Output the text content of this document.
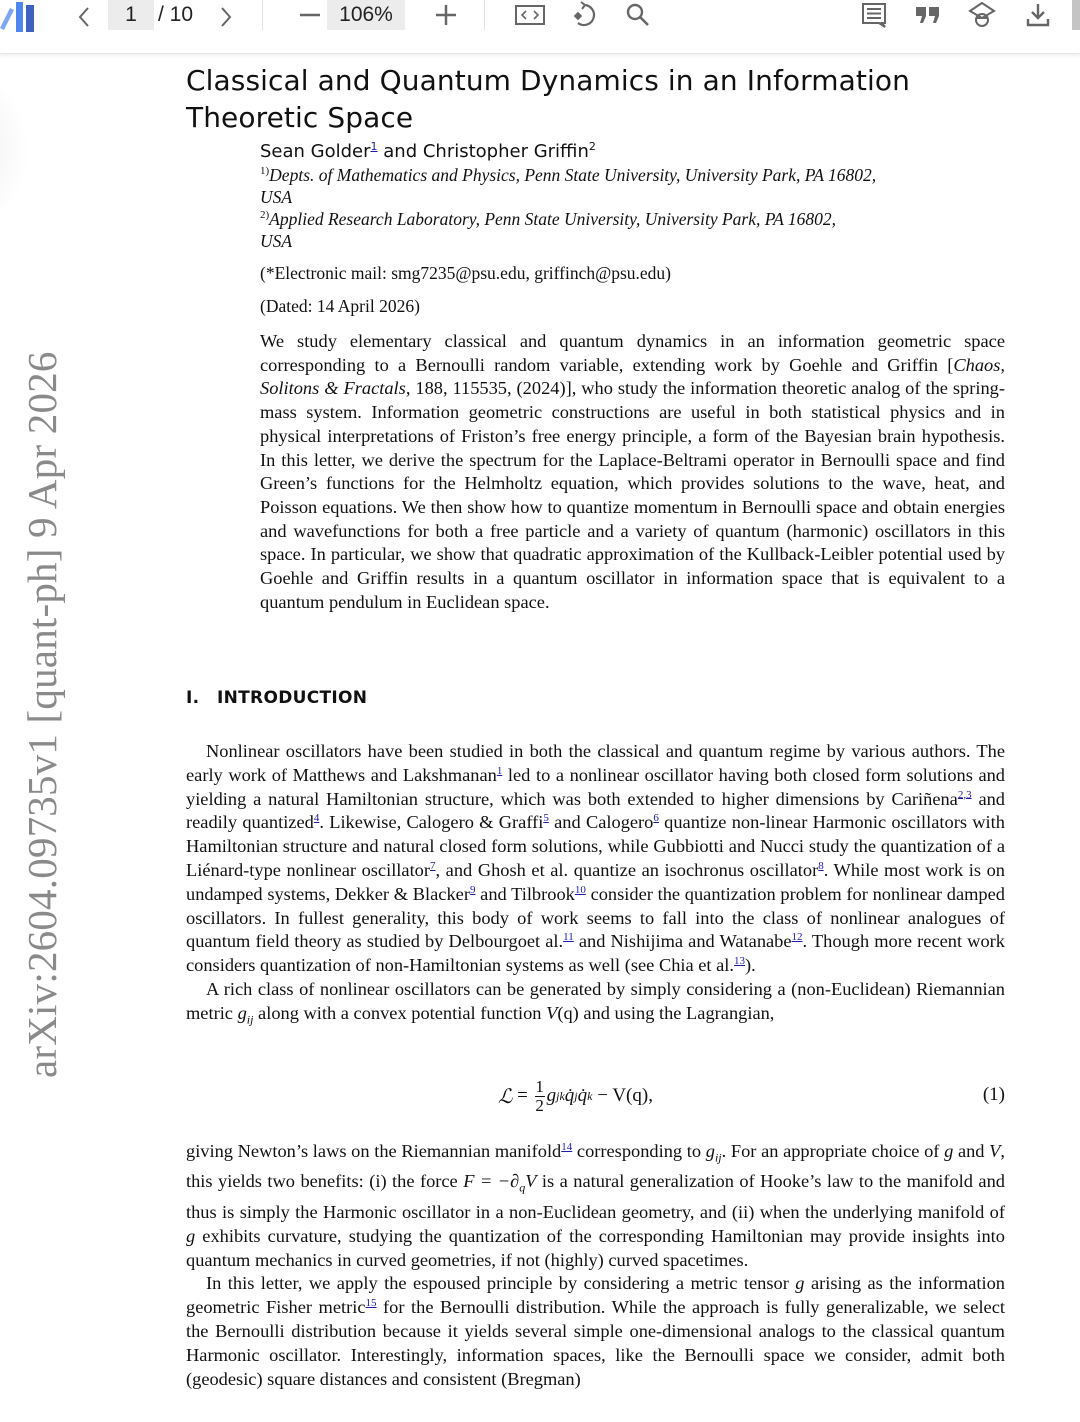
1	/ 10	106%
arXiv:2604.09735v1 [quant-ph] 9 Apr 2026
Classical and Quantum Dynamics in an Information
Theoretic Space
Sean Golder$^1$ and Christopher Griffin$^2$
$^{1)}$Depts. of Mathematics and Physics, Penn State University, University Park, PA 16802,
USA
$^{2)}$Applied Research Laboratory, Penn State University, University Park, PA 16802,
USA
(*Electronic mail: smg7235@psu.edu, griffinch@psu.edu)
(Dated: 14 April 2026)
We study elementary classical and quantum dynamics in an information geometric space corresponding to a Bernoulli random variable, extending work by Goehle and Griffin [Chaos, Solitons & Fractals, 188, 115535, (2024)], who study the information theoretic analog of the spring-mass system. Information geometric constructions are useful in both statistical physics and in physical interpretations of Friston’s free energy principle, a form of the Bayesian brain hypothesis. In this letter, we derive the spectrum for the Laplace-Beltrami operator in Bernoulli space and find Green’s functions for the Helmholtz equation, which provides solutions to the wave, heat, and Poisson equations. We then show how to quantize momentum in Bernoulli space and obtain energies and wavefunctions for both a free particle and a variety of quantum (harmonic) oscillators in this space. In particular, we show that quadratic approximation of the Kullback-Leibler potential used by Goehle and Griffin results in a quantum oscillator in information space that is equivalent to a quantum pendulum in Euclidean space.
I. INTRODUCTION

Nonlinear oscillators have been studied in both the classical and quantum regime by various authors. The early work of Matthews and Lakshmanan$^1$ led to a nonlinear oscillator having both closed form solutions and yielding a natural Hamiltonian structure, which was both extended to higher dimensions by Cariñena$^{2,3}$ and readily quantized$^4$. Likewise, Calogero & Graffi$^5$ and Calogero$^6$ quantize non-linear Harmonic oscillators with Hamiltonian structure and natural closed form solutions, while Gubbiotti and Nucci study the quantization of a Liénard-type nonlinear oscillator$^7$, and Ghosh et al. quantize an isochronus oscillator$^8$. While most work is on undamped systems, Dekker & Blacker$^9$ and Tilbrook$^{10}$ consider the quantization problem for nonlinear damped oscillators. In fullest generality, this body of work seems to fall into the class of nonlinear analogues of quantum field theory as studied by Delbourgoet al.$^{11}$ and Nishijima and Watanabe$^{12}$. Though more recent work considers quantization of non-Hamiltonian systems as well (see Chia et al.$^{13}$).

A rich class of nonlinear oscillators can be generated by simply considering a (non-Euclidean) Riemannian metric $g_{ij}$ along with a convex potential function V(q) and using the Lagrangian,

ℒ = $\frac{1}{2}$ g jk q̇ j q̇ k − V(q),	(1)

giving Newton’s laws on the Riemannian manifold$^{14}$ corresponding to $g_{ij}$. For an appropriate choice of g and V, this yields two benefits: (i) the force $F = -\partial_qV$ is a natural generalization of Hooke’s law to the manifold and thus is simply the Harmonic oscillator in a non-Euclidean geometry, and (ii) when the underlying manifold of g exhibits curvature, studying the quantization of the corresponding Hamiltonian may provide insights into quantum mechanics in curved geometries, if not (highly) curved spacetimes.

In this letter, we apply the espoused principle by considering a metric tensor g arising as the information geometric Fisher metric$^{15}$ for the Bernoulli distribution. While the approach is fully generalizable, we select the Bernoulli distribution because it yields several simple one-dimensional analogs to the classical quantum Harmonic oscillator. Interestingly, information spaces, like the Bernoulli space we consider, admit both (geodesic) square distances and consistent (Bregman)
